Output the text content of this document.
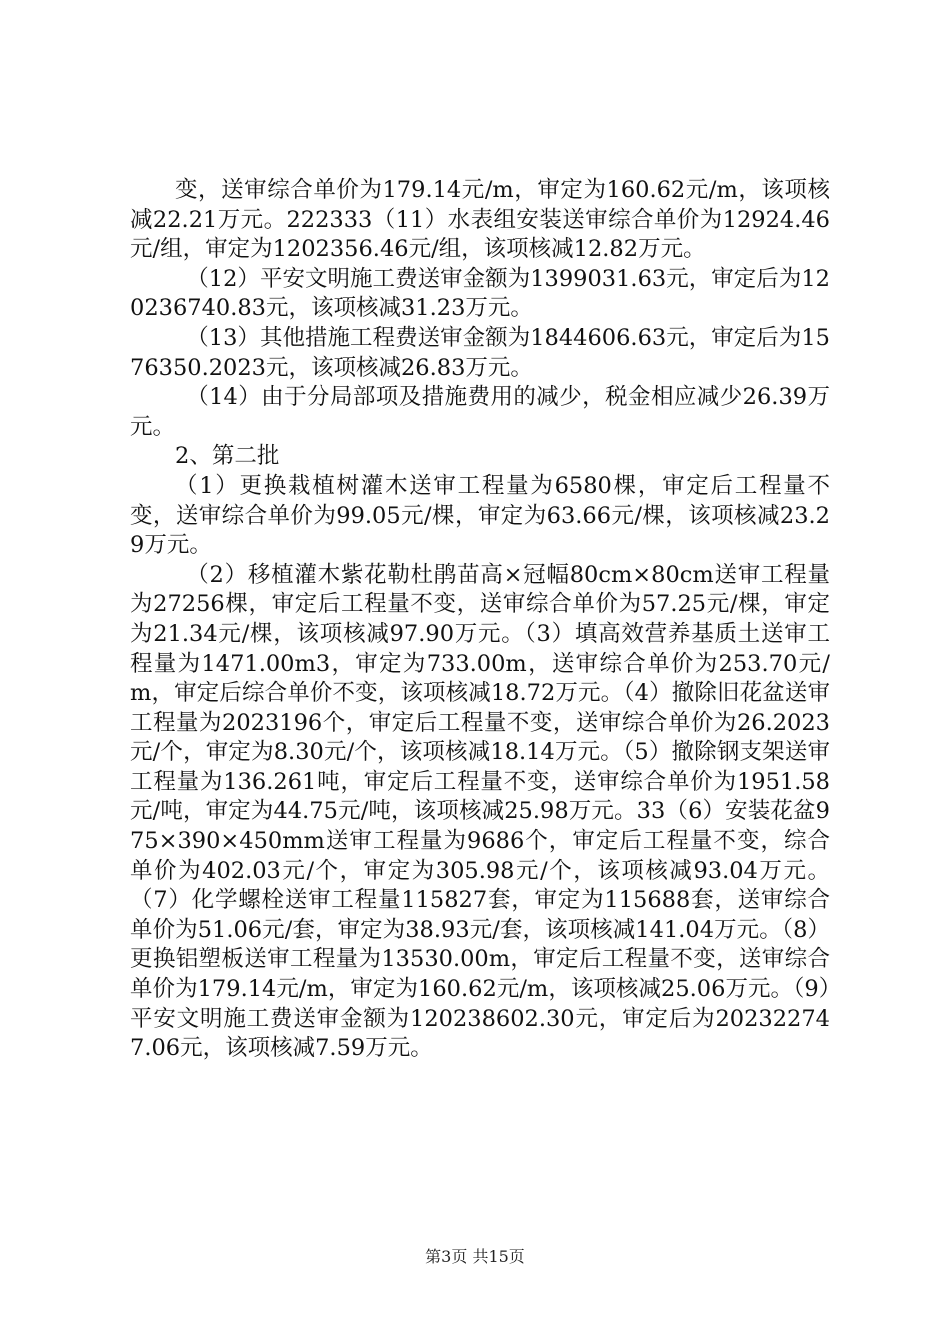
变，送审综合单价为179.14元/m，审定为160.62元/m，该项核减22.21万元。222333（11）水表组安装送审综合单价为12924.46元/组，审定为1202356.46元/组，该项核减12.82万元。

（12）平安文明施工费送审金额为1399031.63元，审定后为120236740.83元，该项核减31.23万元。

（13）其他措施工程费送审金额为1844606.63元，审定后为1576350.2023元，该项核减26.83万元。

（14）由于分局部项及措施费用的减少，税金相应减少26.39万元。

2、第二批

（1）更换栽植树灌木送审工程量为6580棵，审定后工程量不变，送审综合单价为99.05元/棵，审定为63.66元/棵，该项核减23.29万元。

（2）移植灌木紫花勒杜鹃苗高×冠幅80cm×80cm送审工程量为27256棵，审定后工程量不变，送审综合单价为57.25元/棵，审定为21.34元/棵，该项核减97.90万元。（3）填高效营养基质土送审工程量为1471.00m3，审定为733.00m，送审综合单价为253.70元/m，审定后综合单价不变，该项核减18.72万元。（4）撤除旧花盆送审工程量为2023196个，审定后工程量不变，送审综合单价为26.2023元/个，审定为8.30元/个，该项核减18.14万元。（5）撤除钢支架送审工程量为136.261吨，审定后工程量不变，送审综合单价为1951.58元/吨，审定为44.75元/吨，该项核减25.98万元。33（6）安装花盆975×390×450mm送审工程量为9686个，审定后工程量不变，综合单价为402.03元/个，审定为305.98元/个，该项核减93.04万元。（7）化学螺栓送审工程量115827套，审定为115688套，送审综合单价为51.06元/套，审定为38.93元/套，该项核减141.04万元。（8）更换铝塑板送审工程量为13530.00m，审定后工程量不变，送审综合单价为179.14元/m，审定为160.62元/m，该项核减25.06万元。（9）平安文明施工费送审金额为120238602.30元，审定后为202322747.06元，该项核减7.59万元。

第3页 共15页
